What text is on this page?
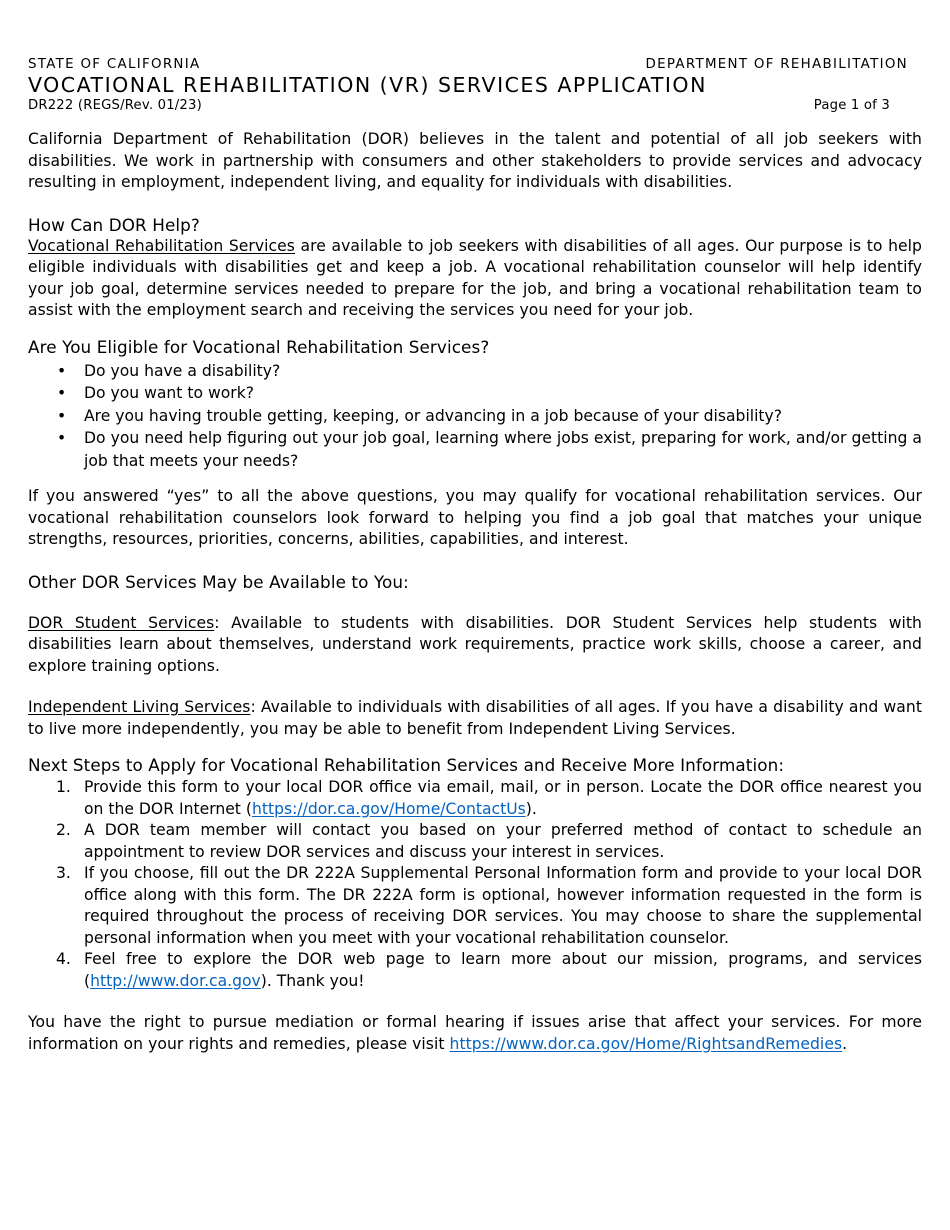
STATE OF CALIFORNIA	DEPARTMENT OF REHABILITATION
VOCATIONAL REHABILITATION (VR) SERVICES APPLICATION
DR222 (REGS/Rev. 01/23)	Page 1 of 3

California Department of Rehabilitation (DOR) believes in the talent and potential of all job seekers with disabilities. We work in partnership with consumers and other stakeholders to provide services and advocacy resulting in employment, independent living, and equality for individuals with disabilities.

How Can DOR Help?

Vocational Rehabilitation Services are available to job seekers with disabilities of all ages. Our purpose is to help eligible individuals with disabilities get and keep a job. A vocational rehabilitation counselor will help identify your job goal, determine services needed to prepare for the job, and bring a vocational rehabilitation team to assist with the employment search and receiving the services you need for your job.

Are You Eligible for Vocational Rehabilitation Services?
• Do you have a disability?
• Do you want to work?
• Are you having trouble getting, keeping, or advancing in a job because of your disability?
• Do you need help figuring out your job goal, learning where jobs exist, preparing for work, and/or getting a job that meets your needs?

If you answered “yes” to all the above questions, you may qualify for vocational rehabilitation services. Our vocational rehabilitation counselors look forward to helping you find a job goal that matches your unique strengths, resources, priorities, concerns, abilities, capabilities, and interest.

Other DOR Services May be Available to You:

DOR Student Services: Available to students with disabilities. DOR Student Services help students with disabilities learn about themselves, understand work requirements, practice work skills, choose a career, and explore training options.

Independent Living Services: Available to individuals with disabilities of all ages. If you have a disability and want to live more independently, you may be able to benefit from Independent Living Services.

Next Steps to Apply for Vocational Rehabilitation Services and Receive More Information:
1. Provide this form to your local DOR office via email, mail, or in person. Locate the DOR office nearest you on the DOR Internet (https://dor.ca.gov/Home/ContactUs).
2. A DOR team member will contact you based on your preferred method of contact to schedule an appointment to review DOR services and discuss your interest in services.
3. If you choose, fill out the DR 222A Supplemental Personal Information form and provide to your local DOR office along with this form. The DR 222A form is optional, however information requested in the form is required throughout the process of receiving DOR services. You may choose to share the supplemental personal information when you meet with your vocational rehabilitation counselor.
4. Feel free to explore the DOR web page to learn more about our mission, programs, and services (http://www.dor.ca.gov). Thank you!

You have the right to pursue mediation or formal hearing if issues arise that affect your services. For more information on your rights and remedies, please visit https://www.dor.ca.gov/Home/RightsandRemedies.
